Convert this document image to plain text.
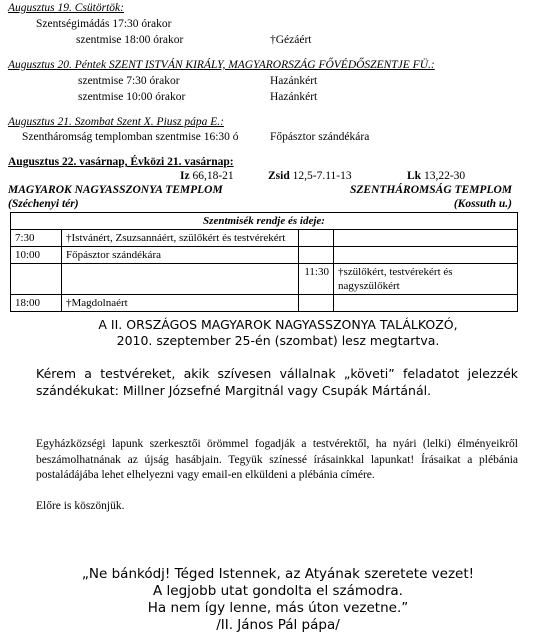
Augusztus 19. Csütörtök:
Szentségimádás 17:30 órakor
szentmise 18:00 órakor	†Gézáért
Augusztus 20. Péntek SZENT ISTVÁN KIRÁLY, MAGYARORSZÁG FŐVÉDŐSZENTJE FÜ.:
szentmise 7:30 órakor	Hazánkért
szentmise 10:00 órakor	Hazánkért
Augusztus 21. Szombat Szent X. Piusz pápa E.:
Szentháromság templomban szentmise 16:30 ó	Főpásztor szándékára
Augusztus 22. vasárnap, Évközi 21. vasárnap:
Iz 66,18-21	Zsid 12,5-7.11-13	Lk 13,22-30
MAGYAROK NAGYASSZONYA TEMPLOM
(Széchenyi tér)
SZENTHÁROMSÁG TEMPLOM
(Kossuth u.)
Szentmisék rendje és ideje:			
7:30	†Istvánért, Zsuzsannáért, szülőkért és testvérekért		
10:00	Főpásztor szándékára		
		11:30	†szülőkért, testvérekért és nagyszülőkért
18:00	†Magdolnaért		
A II. ORSZÁGOS MAGYAROK NAGYASSZONYA TALÁLKOZÓ,
2010. szeptember 25-én (szombat) lesz megtartva.
Kérem a testvéreket, akik szívesen vállalnak „követi” feladatot jelezzék szándékukat: Millner Józsefné Margitnál vagy Csupák Mártánál.
Egyházközségi lapunk szerkesztői örömmel fogadják a testvérektől, ha nyári (lelki) élményeikről beszámolhatnának az újság hasábjain. Tegyük színessé írásainkkal lapunkat! Írásaikat a plébánia postaládájába lehet elhelyezni vagy email-en elküldeni a plébánia címére.
Előre is köszönjük.
„Ne bánkódj! Téged Istennek, az Atyának szeretete vezet!
A legjobb utat gondolta el számodra.
Ha nem így lenne, más úton vezetne.”
/II. János Pál pápa/
